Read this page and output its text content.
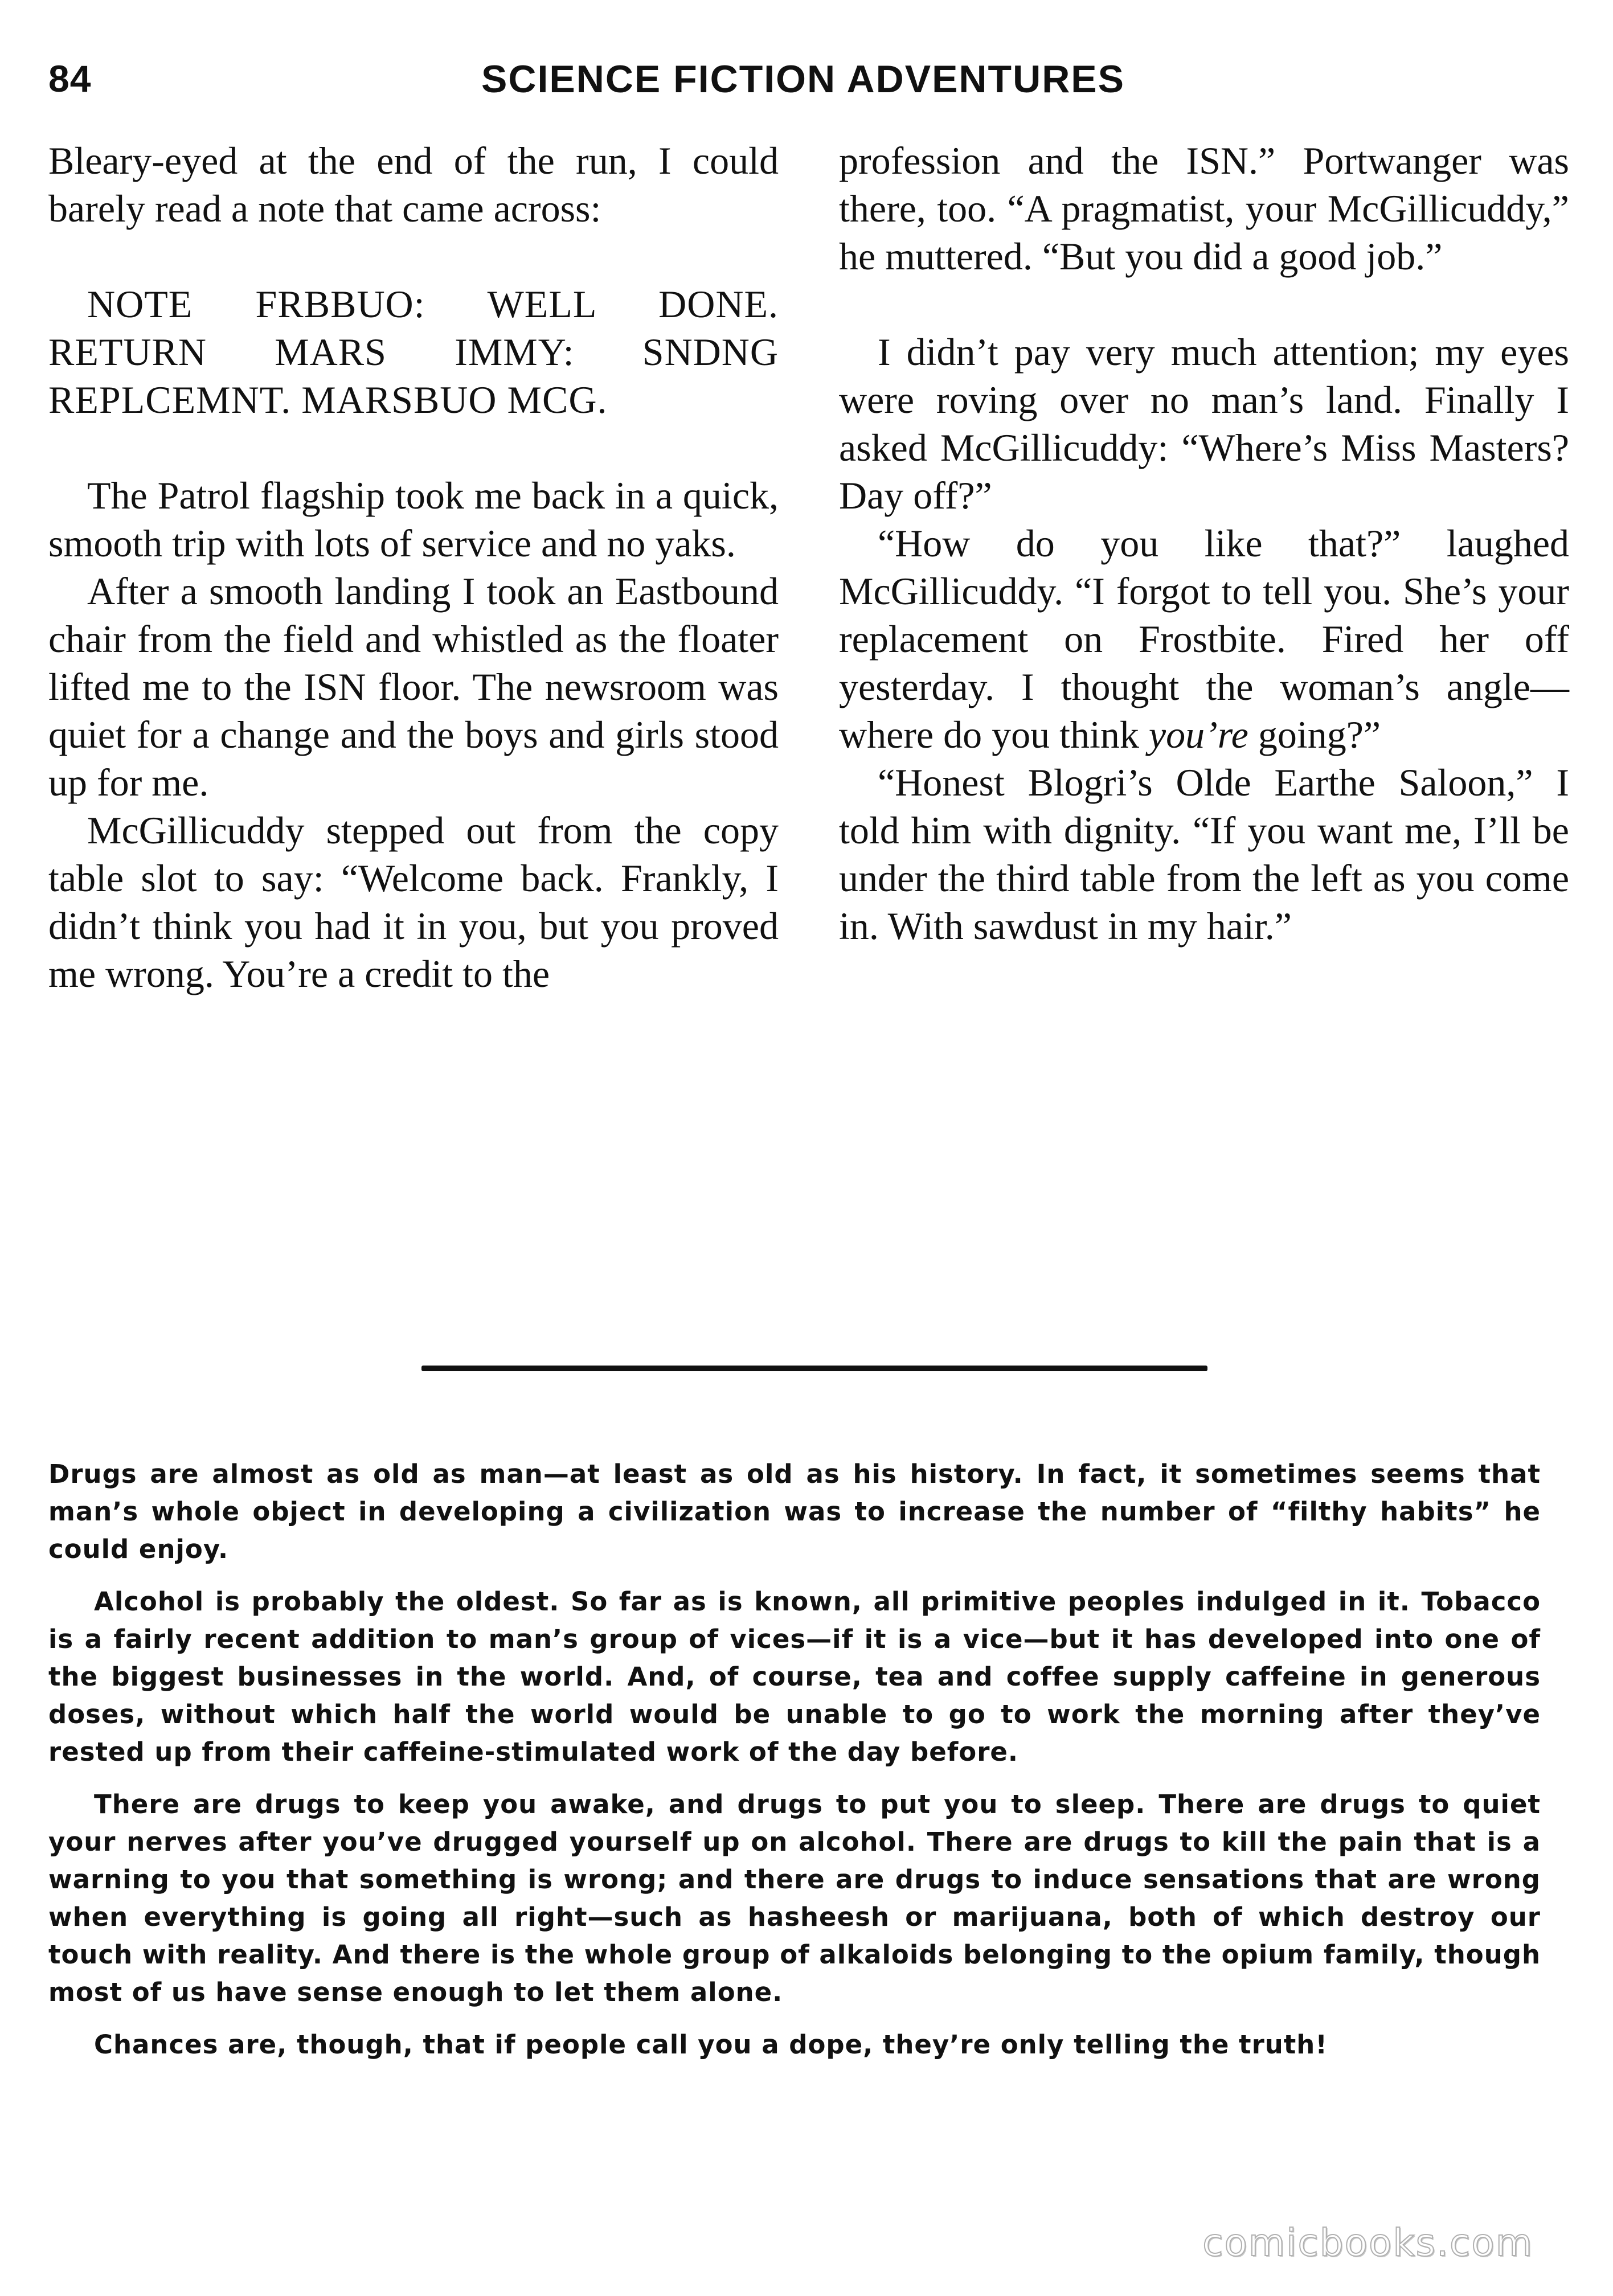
84	SCIENCE FICTION ADVENTURES

Bleary-eyed at the end of the run, I could barely read a note that came across:

NOTE FRBBUO: WELL DONE. RETURN MARS IMMY: SNDNG REPLCEMNT. MARSBUO MCG.

The Patrol flagship took me back in a quick, smooth trip with lots of service and no yaks.

After a smooth landing I took an Eastbound chair from the field and whistled as the floater lifted me to the ISN floor. The newsroom was quiet for a change and the boys and girls stood up for me.

McGillicuddy stepped out from the copy table slot to say: “Welcome back. Frankly, I didn’t think you had it in you, but you proved me wrong. You’re a credit to the

profession and the ISN.” Portwanger was there, too. “A pragmatist, your McGillicuddy,” he muttered. “But you did a good job.”

I didn’t pay very much attention; my eyes were roving over no man’s land. Finally I asked McGillicuddy: “Where’s Miss Masters? Day off?”

“How do you like that?” laughed McGillicuddy. “I forgot to tell you. She’s your replacement on Frostbite. Fired her off yesterday. I thought the woman’s angle—where do you think you’re going?”

“Honest Blogri’s Olde Earthe Saloon,” I told him with dignity. “If you want me, I’ll be under the third table from the left as you come in. With sawdust in my hair.”

Drugs are almost as old as man—at least as old as his history. In fact, it sometimes seems that man’s whole object in developing a civilization was to increase the number of “filthy habits” he could enjoy.

Alcohol is probably the oldest. So far as is known, all primitive peoples indulged in it. Tobacco is a fairly recent addition to man’s group of vices—if it is a vice—but it has developed into one of the biggest businesses in the world. And, of course, tea and coffee supply caffeine in generous doses, without which half the world would be unable to go to work the morning after they’ve rested up from their caffeine-stimulated work of the day before.

There are drugs to keep you awake, and drugs to put you to sleep. There are drugs to quiet your nerves after you’ve drugged yourself up on alcohol. There are drugs to kill the pain that is a warning to you that something is wrong; and there are drugs to induce sensations that are wrong when everything is going all right—such as hasheesh or marijuana, both of which destroy our touch with reality. And there is the whole group of alkaloids belonging to the opium family, though most of us have sense enough to let them alone.

Chances are, though, that if people call you a dope, they’re only telling the truth!

comicbooks.com
